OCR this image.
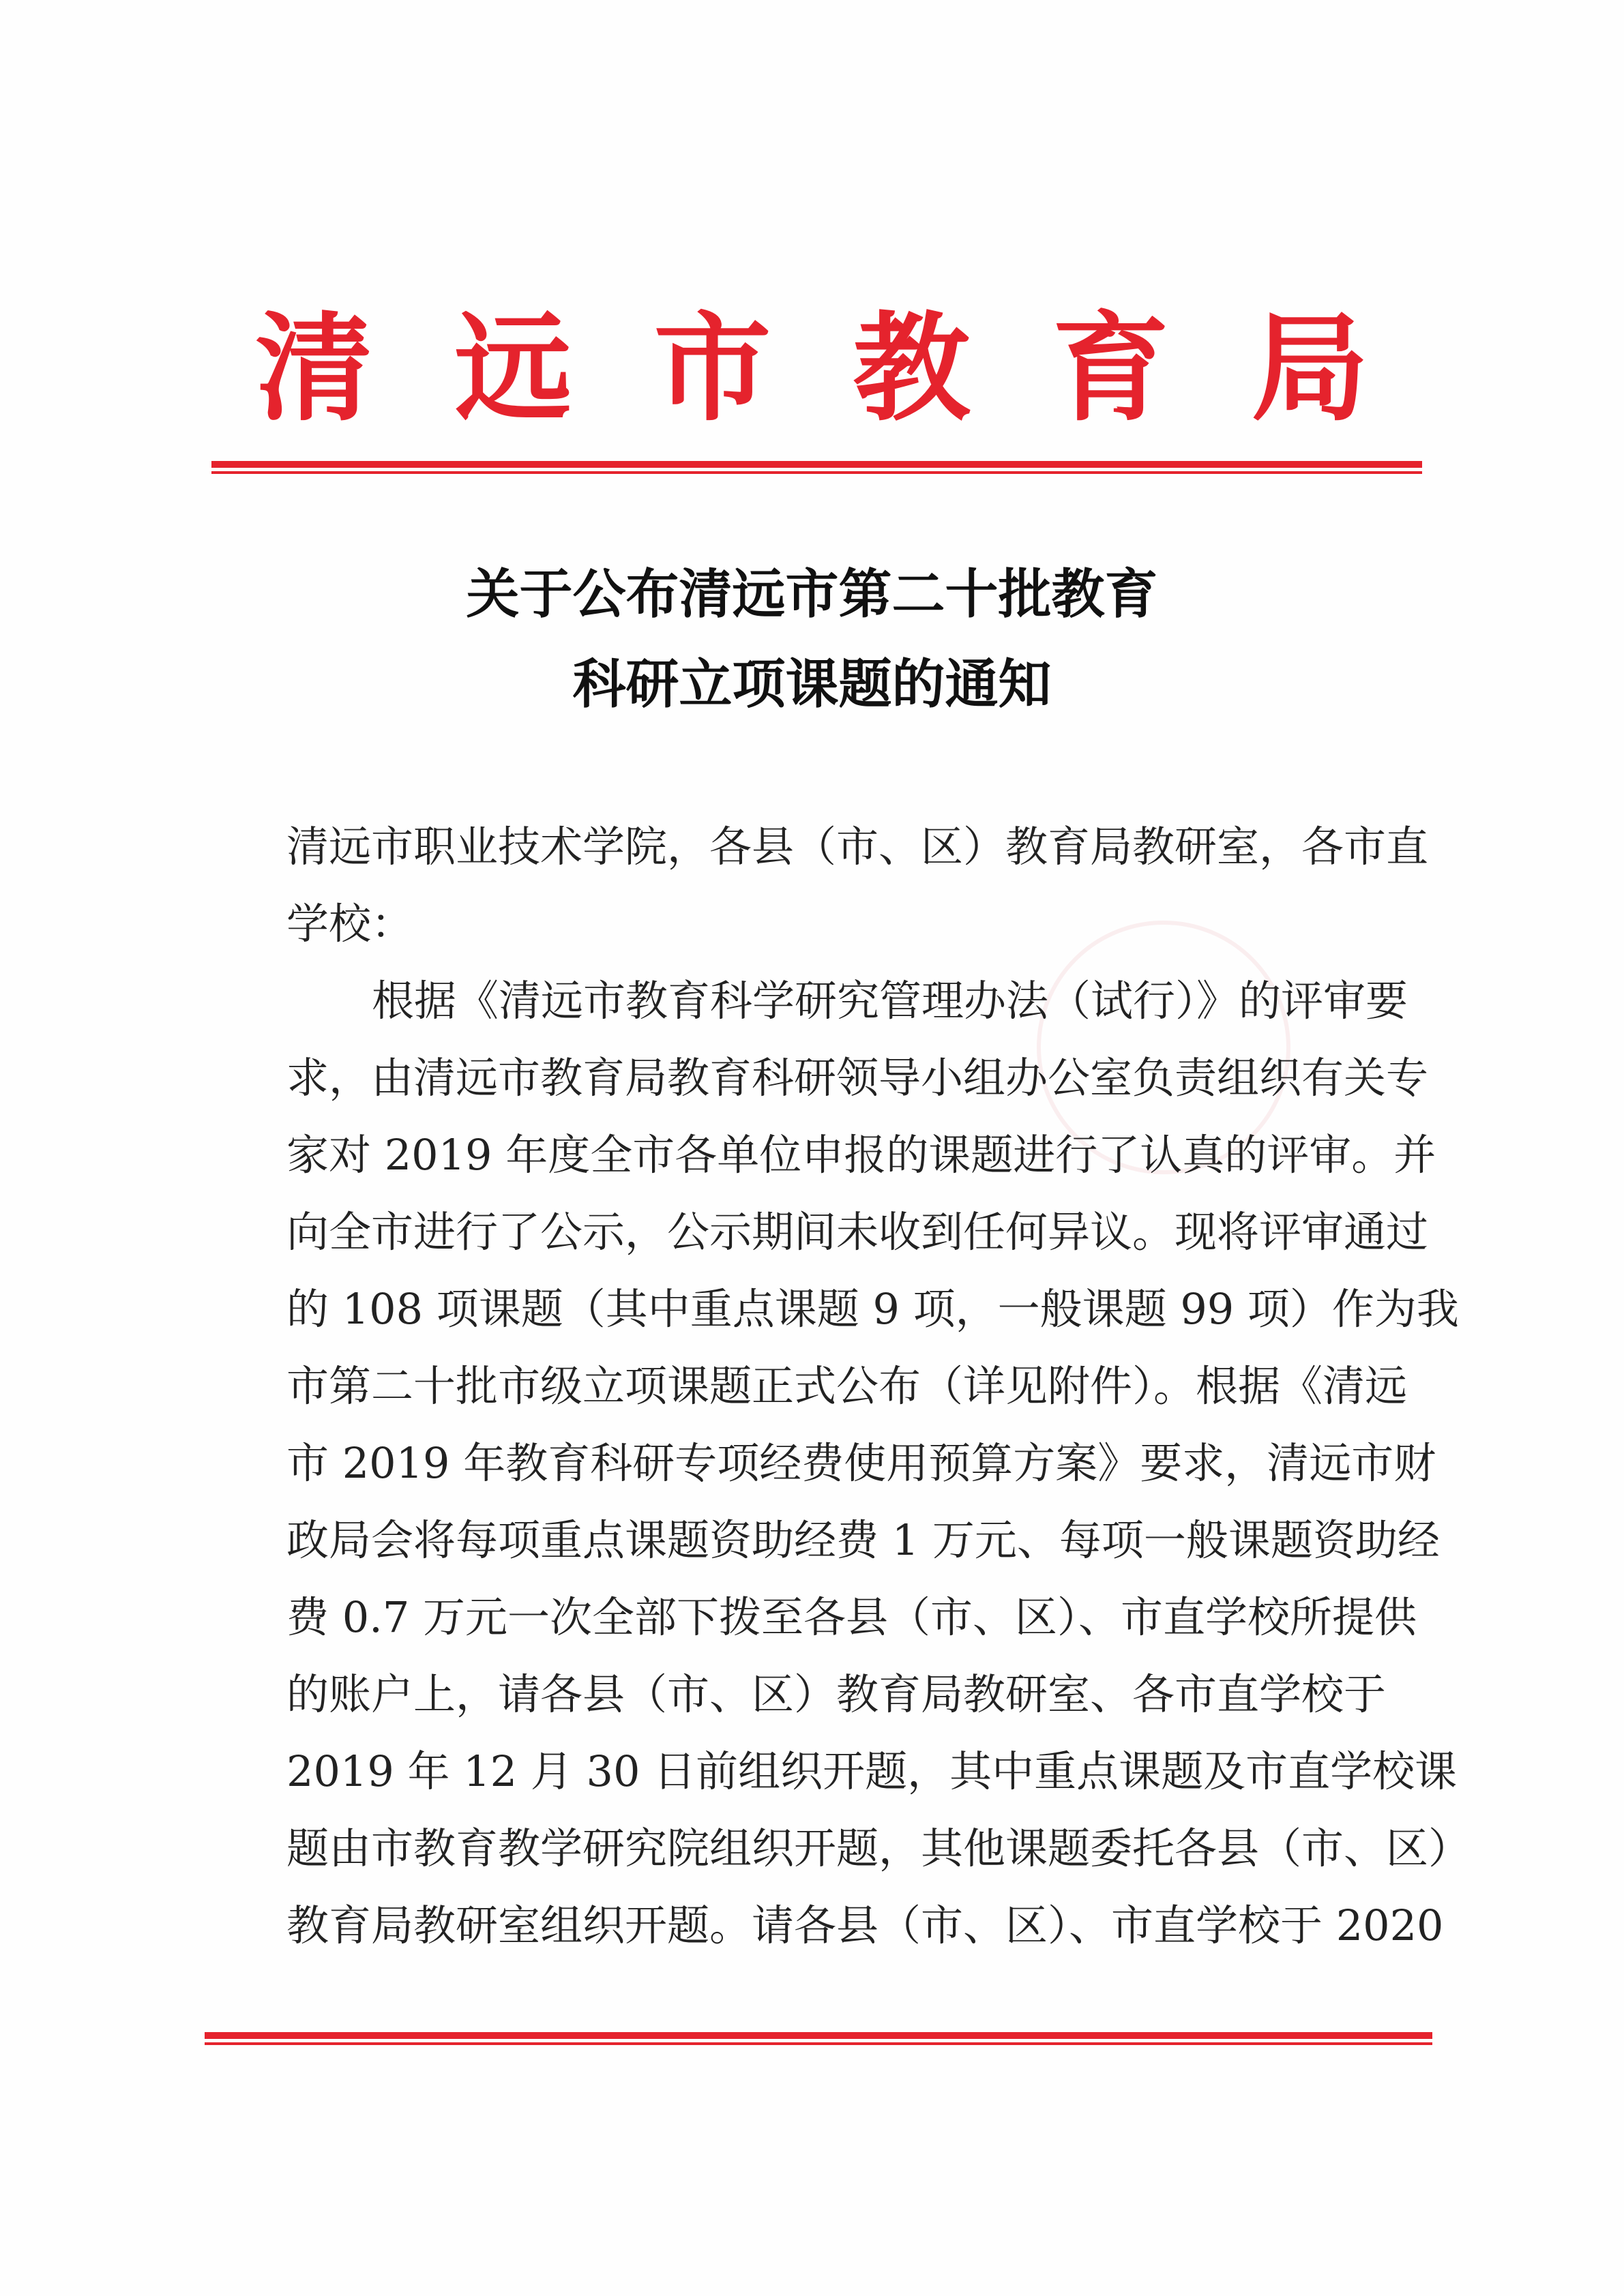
清远市教育局
关于公布清远市第二十批教育
科研立项课题的通知
清远市职业技术学院，各县（市、区）教育局教研室，各市直
学校：
根据《清远市教育科学研究管理办法（试行）》的评审要
求，由清远市教育局教育科研领导小组办公室负责组织有关专
家对 2019 年度全市各单位申报的课题进行了认真的评审。并
向全市进行了公示，公示期间未收到任何异议。现将评审通过
的 108 项课题（其中重点课题 9 项，一般课题 99 项）作为我
市第二十批市级立项课题正式公布（详见附件）。根据《清远
市 2019 年教育科研专项经费使用预算方案》要求，清远市财
政局会将每项重点课题资助经费 1 万元、每项一般课题资助经
费 0.7 万元一次全部下拨至各县（市、区）、市直学校所提供
的账户上，请各县（市、区）教育局教研室、各市直学校于
2019 年 12 月 30 日前组织开题，其中重点课题及市直学校课
题由市教育教学研究院组织开题，其他课题委托各县（市、区）
教育局教研室组织开题。请各县（市、区）、市直学校于 2020
